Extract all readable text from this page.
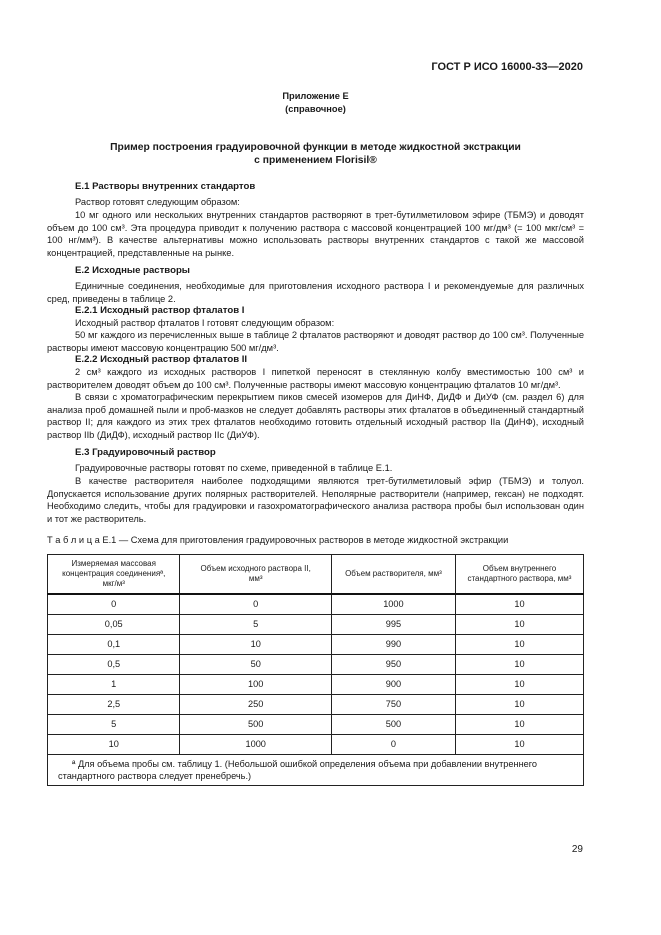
ГОСТ Р ИСО 16000-33—2020
Приложение Е
(справочное)
Пример построения градуировочной функции в методе жидкостной экстракции
с применением Florisil®
Е.1 Растворы внутренних стандартов
Раствор готовят следующим образом:
10 мг одного или нескольких внутренних стандартов растворяют в трет-бутилметиловом эфире (ТБМЭ) и доводят объем до 100 см³. Эта процедура приводит к получению раствора с массовой концентрацией 100 мг/дм³ (= 100 мкг/см³ = 100 нг/мм³). В качестве альтернативы можно использовать растворы внутренних стандартов с такой же массовой концентрацией, представленные на рынке.
Е.2 Исходные растворы
Единичные соединения, необходимые для приготовления исходного раствора I и рекомендуемые для различных сред, приведены в таблице 2.
Е.2.1 Исходный раствор фталатов I
Исходный раствор фталатов I готовят следующим образом:
50 мг каждого из перечисленных выше в таблице 2 фталатов растворяют и доводят раствор до 100 см³. Полученные растворы имеют массовую концентрацию 500 мг/дм³.
Е.2.2 Исходный раствор фталатов II
2 см³ каждого из исходных растворов I пипеткой переносят в стеклянную колбу вместимостью 100 см³ и растворителем доводят объем до 100 см³. Полученные растворы имеют массовую концентрацию фталатов 10 мг/дм³.
В связи с хроматографическим перекрытием пиков смесей изомеров для ДиНФ, ДиДФ и ДиУФ (см. раздел 6) для анализа проб домашней пыли и проб-мазков не следует добавлять растворы этих фталатов в объединенный стандартный раствор II; для каждого из этих трех фталатов необходимо готовить отдельный исходный раствор IIa (ДиНФ), исходный раствор IIb (ДиДФ), исходный раствор IIc (ДиУФ).
Е.3 Градуировочный раствор
Градуировочные растворы готовят по схеме, приведенной в таблице Е.1.
В качестве растворителя наиболее подходящими являются трет-бутилметиловый эфир (ТБМЭ) и толуол. Допускается использование других полярных растворителей. Неполярные растворители (например, гексан) не подходят. Необходимо следить, чтобы для градуировки и газохроматографического анализа раствора пробы был использован один и тот же растворитель.
Т а б л и ц а Е.1 — Схема для приготовления градуировочных растворов в методе жидкостной экстракции
Измеряемая массовая концентрация соединенияª, мкг/м³	Объем исходного раствора II, мм³	Объем растворителя, мм³	Объем внутреннего стандартного раствора, мм³
0	0	1000	10
0,05	5	995	10
0,1	10	990	10
0,5	50	950	10
1	100	900	10
2,5	250	750	10
5	500	500	10
10	1000	0	10
ª Для объема пробы см. таблицу 1. (Небольшой ошибкой определения объема при добавлении внутреннего стандартного раствора следует пренебречь.)			
29
